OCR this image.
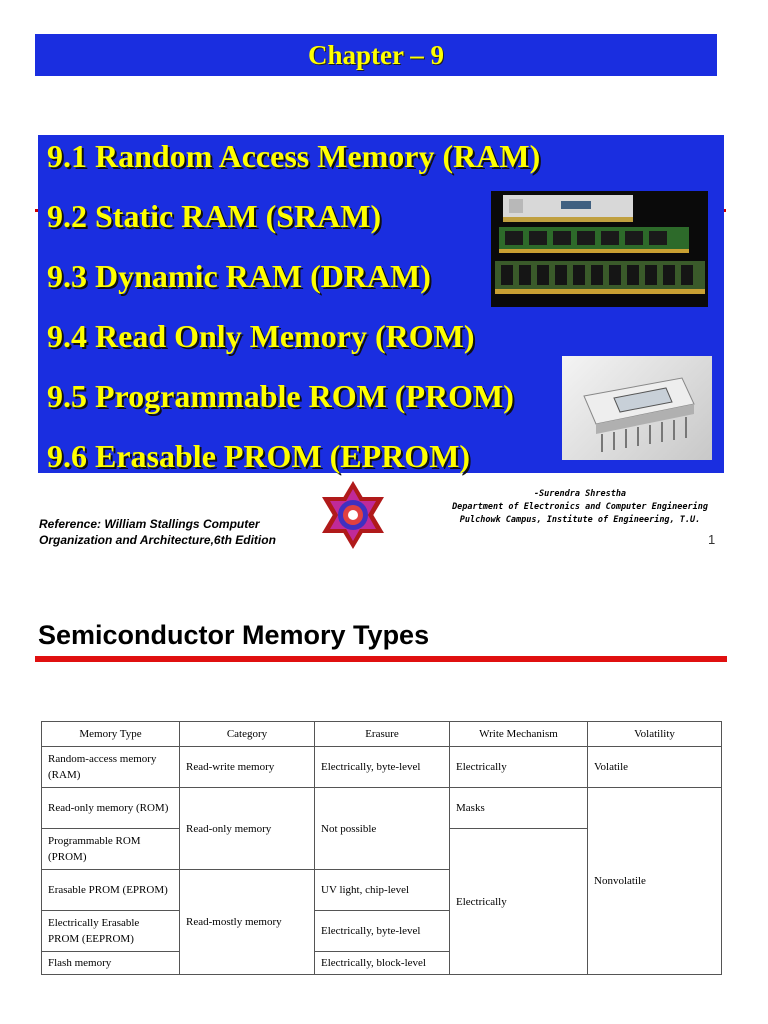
Chapter – 9
9.1 Random Access Memory (RAM)
9.2 Static RAM (SRAM)
9.3 Dynamic RAM (DRAM)
9.4 Read Only Memory (ROM)
9.5 Programmable ROM (PROM)
9.6 Erasable PROM (EPROM)
Reference: William Stallings Computer
Organization and Architecture,6th Edition
-Surendra Shrestha
Department of Electronics and Computer Engineering
Pulchowk Campus, Institute of Engineering, T.U.
1
Semiconductor Memory Types
Memory Type	Category	Erasure	Write Mechanism	Volatility
Random-access memory (RAM)	Read-write memory	Electrically, byte-level	Electrically	Volatile
Read-only memory (ROM)	Read-only memory	Not possible	Masks	Nonvolatile
Programmable ROM (PROM)			Electrically	
Erasable PROM (EPROM)	Read-mostly memory	UV light, chip-level		
Electrically Erasable PROM (EEPROM)		Electrically, byte-level		
Flash memory		Electrically, block-level		
